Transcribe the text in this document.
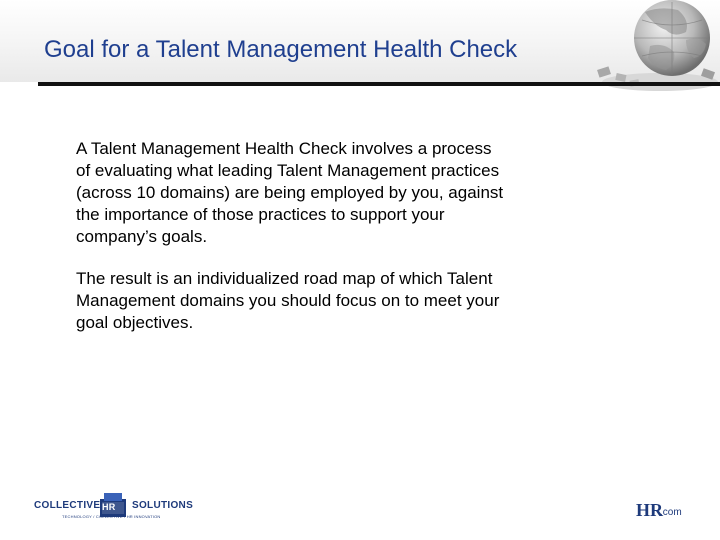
Goal for a Talent Management Health Check

A Talent Management Health Check involves a process of evaluating what leading Talent Management practices (across 10 domains) are being employed by you, against the importance of those practices to support your company’s goals.

The result is an individualized road map of which Talent Management domains you should focus on to meet your goal objectives.

COLLECTIVE HR SOLUTIONS
TECHNOLOGY / COLLECTIVE / HR INNOVATION	HR
.com
